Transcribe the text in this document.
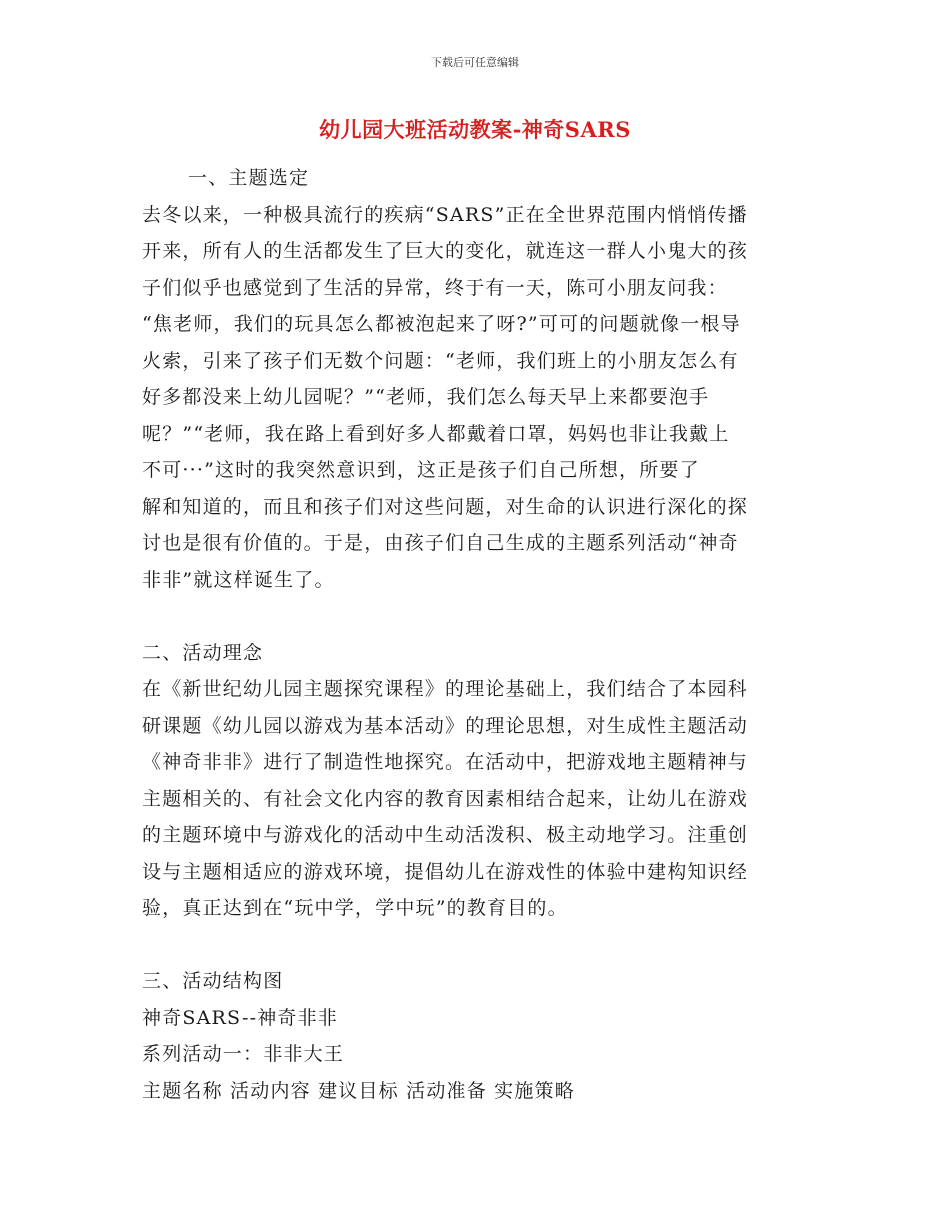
下载后可任意编辑
幼儿园大班活动教案-神奇SARS
一、主题选定
去冬以来，一种极具流行的疾病“SARS”正在全世界范围内悄悄传播
开来，所有人的生活都发生了巨大的变化，就连这一群人小鬼大的孩
子们似乎也感觉到了生活的异常，终于有一天，陈可小朋友问我：
“焦老师，我们的玩具怎么都被泡起来了呀?”可可的问题就像一根导
火索，引来了孩子们无数个问题：“老师，我们班上的小朋友怎么有
好多都没来上幼儿园呢？”“老师，我们怎么每天早上来都要泡手
呢？”“老师，我在路上看到好多人都戴着口罩，妈妈也非让我戴上
不可···”这时的我突然意识到，这正是孩子们自己所想，所要了
解和知道的，而且和孩子们对这些问题，对生命的认识进行深化的探
讨也是很有价值的。于是，由孩子们自己生成的主题系列活动“神奇
非非”就这样诞生了。
二、活动理念
在《新世纪幼儿园主题探究课程》的理论基础上，我们结合了本园科
研课题《幼儿园以游戏为基本活动》的理论思想，对生成性主题活动
《神奇非非》进行了制造性地探究。在活动中，把游戏地主题精神与
主题相关的、有社会文化内容的教育因素相结合起来，让幼儿在游戏
的主题环境中与游戏化的活动中生动活泼积、极主动地学习。注重创
设与主题相适应的游戏环境，提倡幼儿在游戏性的体验中建构知识经
验，真正达到在“玩中学，学中玩”的教育目的。
三、活动结构图
神奇SARS--神奇非非
系列活动一：非非大王
主题名称 活动内容 建议目标 活动准备 实施策略
